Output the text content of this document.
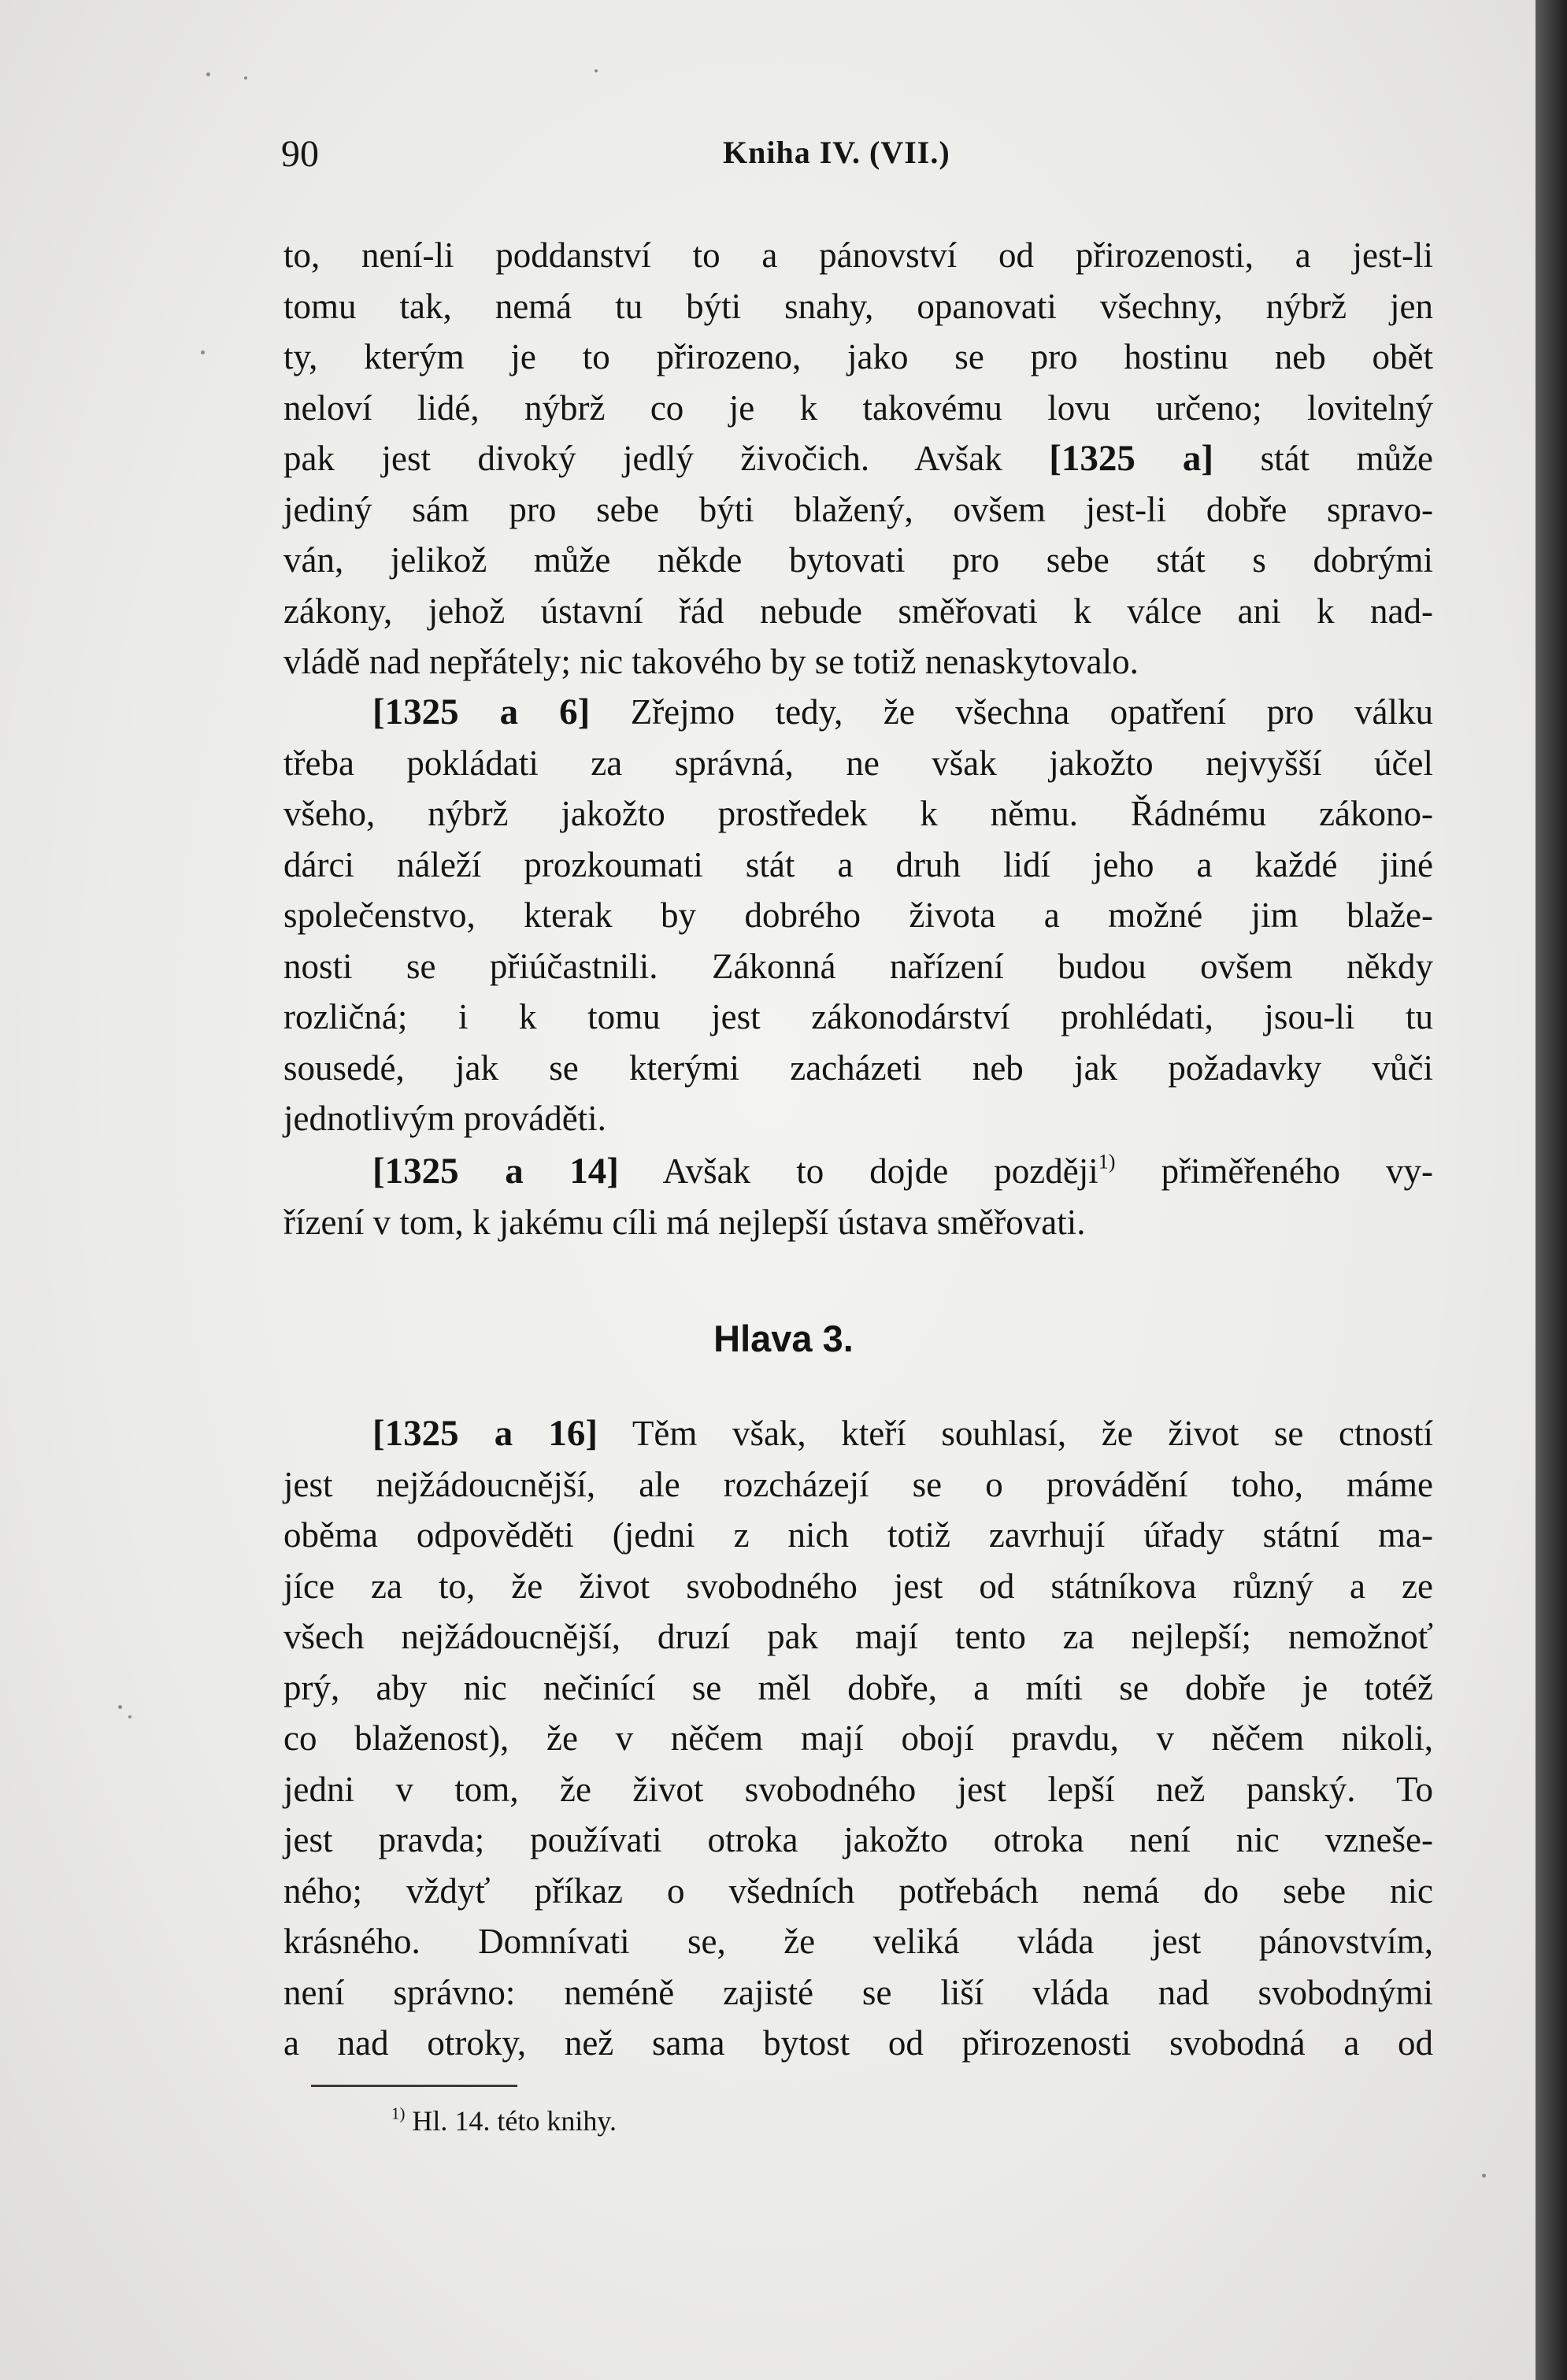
90	Kniha IV. (VII.)
to, není-li poddanství to a pánovství od přirozenosti, a jest-li
tomu tak, nemá tu býti snahy, opanovati všechny, nýbrž jen
ty, kterým je to přirozeno, jako se pro hostinu neb obět
neloví lidé, nýbrž co je k takovému lovu určeno; lovitelný
pak jest divoký jedlý živočich. Avšak [1325 a] stát může
jediný sám pro sebe býti blažený, ovšem jest-li dobře spravo-
ván, jelikož může někde bytovati pro sebe stát s dobrými
zákony, jehož ústavní řád nebude směřovati k válce ani k nad-
vládě nad nepřátely; nic takového by se totiž nenaskytovalo.
[1325 a 6] Zřejmo tedy, že všechna opatření pro válku
třeba pokládati za správná, ne však jakožto nejvyšší účel
všeho, nýbrž jakožto prostředek k němu. Řádnému zákono-
dárci náleží prozkoumati stát a druh lidí jeho a každé jiné
společenstvo, kterak by dobrého života a možné jim blaže-
nosti se přiúčastnili. Zákonná nařízení budou ovšem někdy
rozličná; i k tomu jest zákonodárství prohlédati, jsou-li tu
sousedé, jak se kterými zacházeti neb jak požadavky vůči
jednotlivým prováděti.
[1325 a 14] Avšak to dojde později$^{1)}$ přiměřeného vy-
řízení v tom, k jakému cíli má nejlepší ústava směřovati.
Hlava 3.
[1325 a 16] Těm však, kteří souhlasí, že život se ctností
jest nejžádoucnější, ale rozcházejí se o provádění toho, máme
oběma odpověděti (jedni z nich totiž zavrhují úřady státní ma-
jíce za to, že život svobodného jest od státníkova různý a ze
všech nejžádoucnější, druzí pak mají tento za nejlepší; nemožnoť
prý, aby nic nečinící se měl dobře, a míti se dobře je totéž
co blaženost), že v něčem mají obojí pravdu, v něčem nikoli,
jedni v tom, že život svobodného jest lepší než panský. To
jest pravda; používati otroka jakožto otroka není nic vzneše-
ného; vždyť příkaz o všedních potřebách nemá do sebe nic
krásného. Domnívati se, že veliká vláda jest pánovstvím,
není správno: neméně zajisté se liší vláda nad svobodnými
a nad otroky, než sama bytost od přirozenosti svobodná a od
$^{1)}$ Hl. 14. této knihy.
